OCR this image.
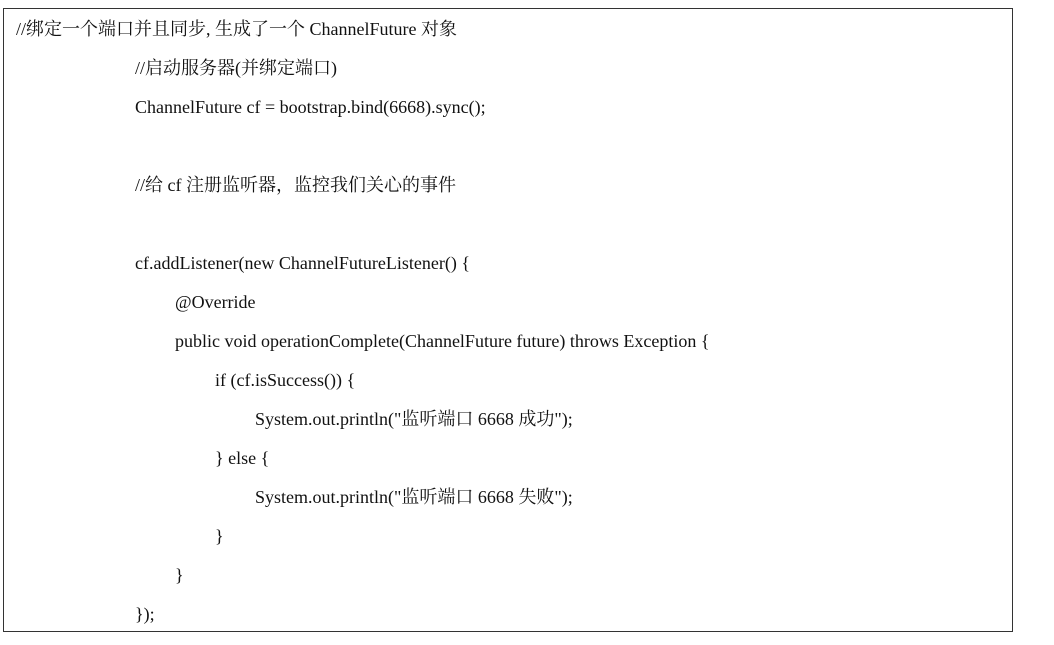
//绑定一个端口并且同步, 生成了一个 ChannelFuture 对象
//启动服务器(并绑定端口)
ChannelFuture cf = bootstrap.bind(6668).sync();
//给 cf 注册监听器，监控我们关心的事件
cf.addListener(new ChannelFutureListener() {
@Override
public void operationComplete(ChannelFuture future) throws Exception {
if (cf.isSuccess()) {
System.out.println("监听端口 6668 成功");
} else {
System.out.println("监听端口 6668 失败");
}
}
});
